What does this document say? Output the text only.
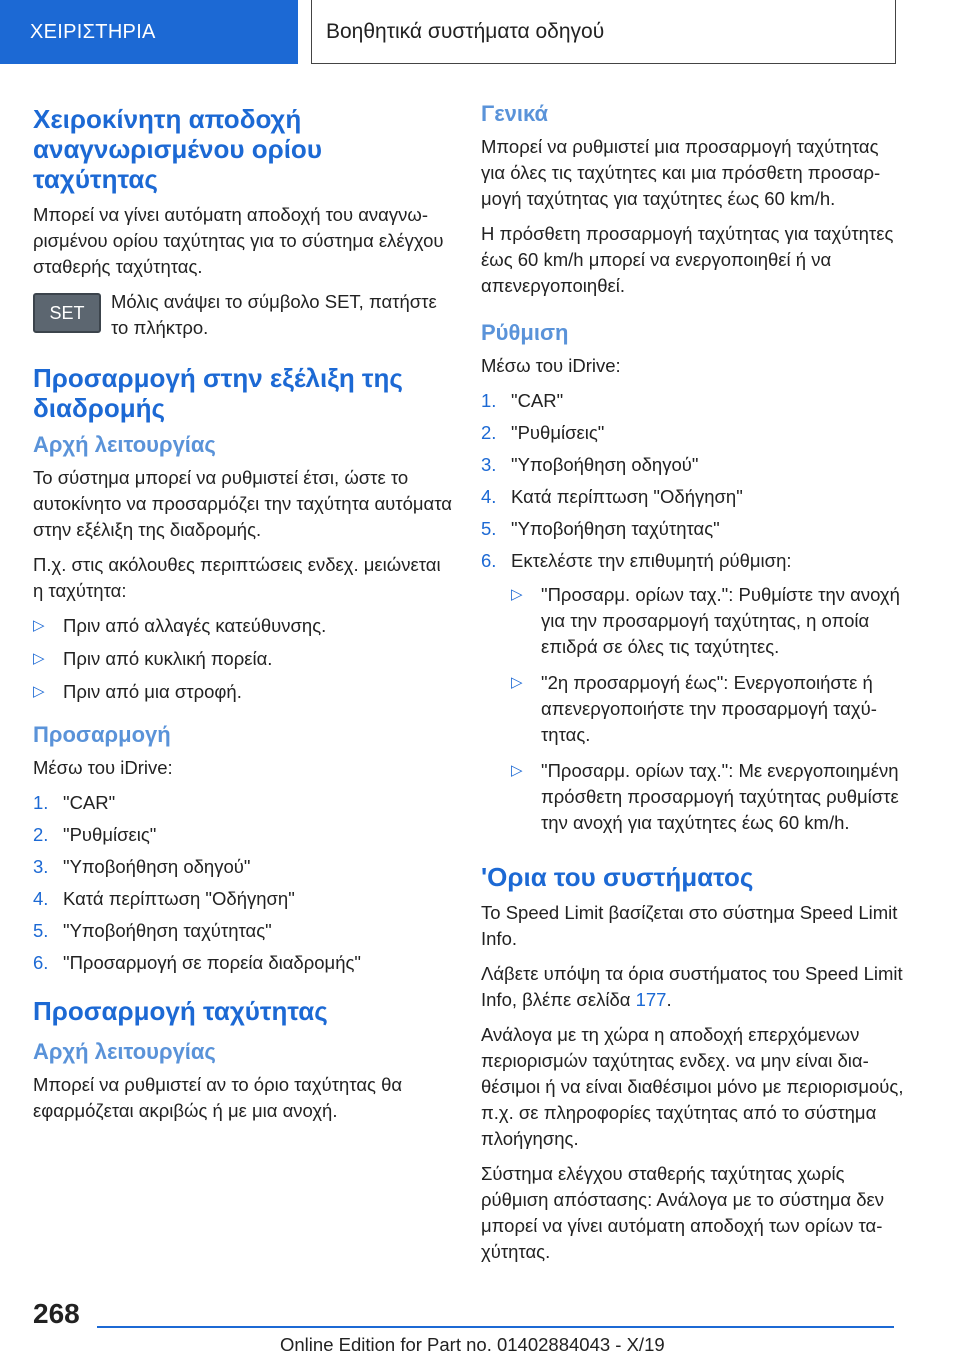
ΧΕΙΡΙΣΤΗΡΙΑ	Βοηθητικά συστήματα οδηγού
Χειροκίνητη αποδοχή αναγνωρισμένου ορίου ταχύτητας

Μπορεί να γίνει αυτόματη αποδοχή του αναγνωρισμένου ορίου ταχύτητας για το σύστημα ελέγχου σταθερής ταχύτητας.

SET

Μόλις ανάψει το σύμβολο SET, πατήστε το πλήκτρο.

Προσαρμογή στην εξέλιξη της διαδρομής
Αρχή λειτουργίας

Το σύστημα μπορεί να ρυθμιστεί έτσι, ώστε το αυτοκίνητο να προσαρμόζει την ταχύτητα αυτόματα στην εξέλιξη της διαδρομής.

Π.χ. στις ακόλουθες περιπτώσεις ενδεχ. μειώνεται η ταχύτητα:

▷ Πριν από αλλαγές κατεύθυνσης.
▷ Πριν από κυκλική πορεία.
▷ Πριν από μια στροφή.
Προσαρμογή

Μέσω του iDrive:

1. "CAR"
2. "Ρυθμίσεις"
3. "Υποβοήθηση οδηγού"
4. Κατά περίπτωση "Οδήγηση"
5. "Υποβοήθηση ταχύτητας"
6. "Προσαρμογή σε πορεία διαδρομής"
Προσαρμογή ταχύτητας
Αρχή λειτουργίας

Μπορεί να ρυθμιστεί αν το όριο ταχύτητας θα εφαρμόζεται ακριβώς ή με μια ανοχή.

Γενικά

Μπορεί να ρυθμιστεί μια προσαρμογή ταχύτητας για όλες τις ταχύτητες και μια πρόσθετη προσαρμογή ταχύτητας για ταχύτητες έως 60 km/h.

Η πρόσθετη προσαρμογή ταχύτητας για ταχύτητες έως 60 km/h μπορεί να ενεργοποιηθεί ή να απενεργοποιηθεί.

Ρύθμιση

Μέσω του iDrive:

1. "CAR"
2. "Ρυθμίσεις"
3. "Υποβοήθηση οδηγού"
4. Κατά περίπτωση "Οδήγηση"
5. "Υποβοήθηση ταχύτητας"
6. Εκτελέστε την επιθυμητή ρύθμιση:
▷ "Προσαρμ. ορίων ταχ.": Ρυθμίστε την ανοχή για την προσαρμογή ταχύτητας, η οποία επιδρά σε όλες τις ταχύτητες.
▷ "2η προσαρμογή έως": Ενεργοποιήστε ή απενεργοποιήστε την προσαρμογή ταχύτητας.
▷ "Προσαρμ. ορίων ταχ.": Με ενεργοποιημένη πρόσθετη προσαρμογή ταχύτητας ρυθμίστε την ανοχή για ταχύτητες έως 60 km/h.
'Ορια του συστήματος

Το Speed Limit βασίζεται στο σύστημα Speed Limit Info.

Λάβετε υπόψη τα όρια συστήματος του Speed Limit Info, βλέπε σελίδα 177.

Ανάλογα με τη χώρα η αποδοχή επερχόμενων περιορισμών ταχύτητας ενδεχ. να μην είναι διαθέσιμοι ή να είναι διαθέσιμοι μόνο με περιορισμούς, π.χ. σε πληροφορίες ταχύτητας από το σύστημα πλοήγησης.

Σύστημα ελέγχου σταθερής ταχύτητας χωρίς ρύθμιση απόστασης: Ανάλογα με το σύστημα δεν μπορεί να γίνει αυτόματη αποδοχή των ορίων ταχύτητας.

268
Online Edition for Part no. 01402884043 - X/19
